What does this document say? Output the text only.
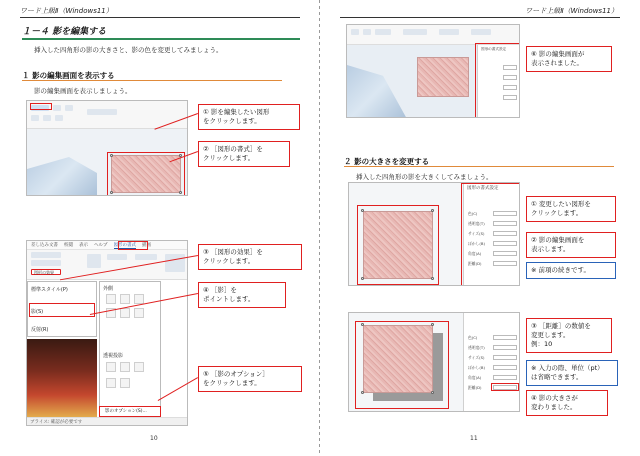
ワード上級Ⅱ（Windows11）
１－４ 影を編集する
挿入した四角形の影の大きさと、影の色を変更してみましょう。
１ 影の編集画面を表示する
影の編集画面を表示しましょう。
① 影を編集したい図形
をクリックします。
② ［図形の書式］を
クリックします。
差し込み文書 校閲 表示 ヘルプ 図形の書式 描画
図形の効果
標準スタイル(P)
影(S)
反射(R)
外側
透視投影
影のオプション(S)...
ブライス: 確認が必要です
③ ［図形の効果］を
クリックします。
④ ［影］を
ポイントします。
⑤ ［影のオプション］
をクリックします。
10
ワード上級Ⅱ（Windows11）
図形の書式設定
⑥ 影の編集画面が
表示されました。
２ 影の大きさを変更する
挿入した四角形の影を大きくしてみましょう。
図形の書式設定
色(C)
透明度(T)
サイズ(S)
ぼかし(B)
角度(A)
距離(D)
① 変更したい図形を
クリックします。
② 影の編集画面を
表示します。
※ 前項の続きです。
色(C)
透明度(T)
サイズ(S)
ぼかし(B)
角度(A)
距離(D)
③ ［距離］の数値を
変更します。
例：10
※ 入力の際、単位（pt）
は省略できます。
④ 影の大きさが
変わりました。
11
